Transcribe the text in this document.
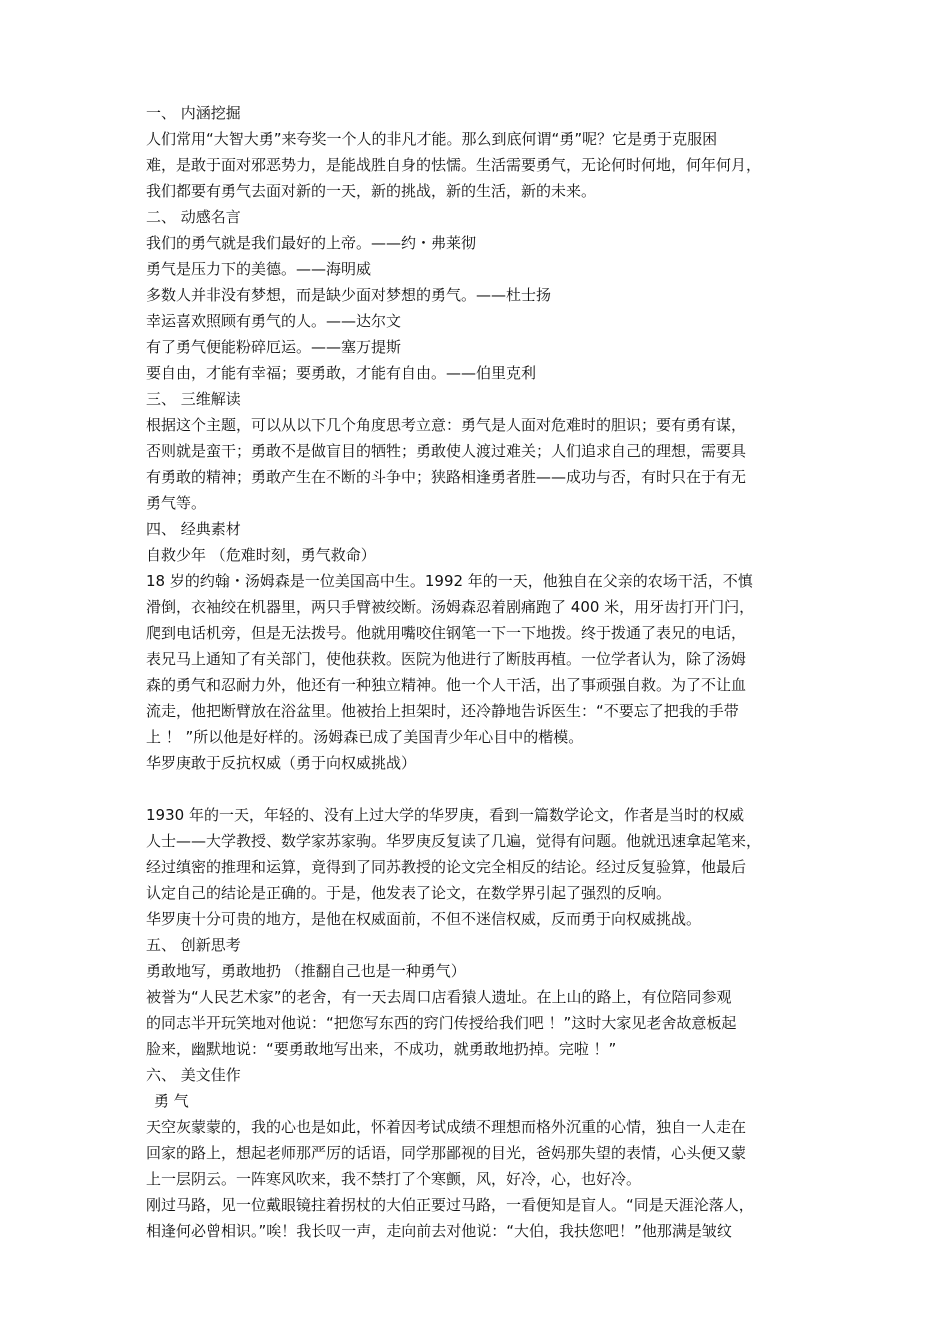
一、 内涵挖掘
人们常用“大智大勇”来夸奖一个人的非凡才能。那么到底何谓“勇”呢？它是勇于克服困
难，是敢于面对邪恶势力，是能战胜自身的怯懦。生活需要勇气，无论何时何地，何年何月，
我们都要有勇气去面对新的一天，新的挑战，新的生活，新的未来。
二、 动感名言
我们的勇气就是我们最好的上帝。——约・弗莱彻
勇气是压力下的美德。——海明威
多数人并非没有梦想，而是缺少面对梦想的勇气。——杜士扬
幸运喜欢照顾有勇气的人。——达尔文
有了勇气便能粉碎厄运。——塞万提斯
要自由，才能有幸福；要勇敢，才能有自由。——伯里克利
三、 三维解读
根据这个主题，可以从以下几个角度思考立意：勇气是人面对危难时的胆识；要有勇有谋，
否则就是蛮干；勇敢不是做盲目的牺牲；勇敢使人渡过难关；人们追求自己的理想，需要具
有勇敢的精神；勇敢产生在不断的斗争中；狭路相逢勇者胜——成功与否，有时只在于有无
勇气等。
四、 经典素材
自救少年 （危难时刻，勇气救命）
18 岁的约翰・汤姆森是一位美国高中生。1992 年的一天，他独自在父亲的农场干活，不慎
滑倒，衣袖绞在机器里，两只手臂被绞断。汤姆森忍着剧痛跑了 400 米，用牙齿打开门闩，
爬到电话机旁，但是无法拨号。他就用嘴咬住钢笔一下一下地拨。终于拨通了表兄的电话，
表兄马上通知了有关部门，使他获救。医院为他进行了断肢再植。一位学者认为，除了汤姆
森的勇气和忍耐力外，他还有一种独立精神。他一个人干活，出了事顽强自救。为了不让血
流走，他把断臂放在浴盆里。他被抬上担架时，还冷静地告诉医生：“不要忘了把我的手带
上 ！ ”所以他是好样的。汤姆森已成了美国青少年心目中的楷模。
华罗庚敢于反抗权威（勇于向权威挑战）
1930 年的一天，年轻的、没有上过大学的华罗庚，看到一篇数学论文，作者是当时的权威
人士——大学教授、数学家苏家驹。华罗庚反复读了几遍，觉得有问题。他就迅速拿起笔来，
经过缜密的推理和运算，竟得到了同苏教授的论文完全相反的结论。经过反复验算，他最后
认定自己的结论是正确的。于是，他发表了论文，在数学界引起了强烈的反响。
华罗庚十分可贵的地方，是他在权威面前，不但不迷信权威，反而勇于向权威挑战。
五、 创新思考
勇敢地写，勇敢地扔 （推翻自己也是一种勇气）
被誉为“人民艺术家”的老舍，有一天去周口店看猿人遗址。在上山的路上，有位陪同参观
的同志半开玩笑地对他说：“把您写东西的窍门传授给我们吧 ！”这时大家见老舍故意板起
脸来，幽默地说：“要勇敢地写出来，不成功，就勇敢地扔掉。完啦 ！”
六、 美文佳作
勇 气
天空灰蒙蒙的，我的心也是如此，怀着因考试成绩不理想而格外沉重的心情，独自一人走在
回家的路上，想起老师那严厉的话语，同学那鄙视的目光，爸妈那失望的表情，心头便又蒙
上一层阴云。一阵寒风吹来，我不禁打了个寒颤，风，好冷，心，也好冷。
刚过马路，见一位戴眼镜拄着拐杖的大伯正要过马路，一看便知是盲人。“同是天涯沦落人，
相逢何必曾相识。”唉！我长叹一声，走向前去对他说：“大伯，我扶您吧！”他那满是皱纹
